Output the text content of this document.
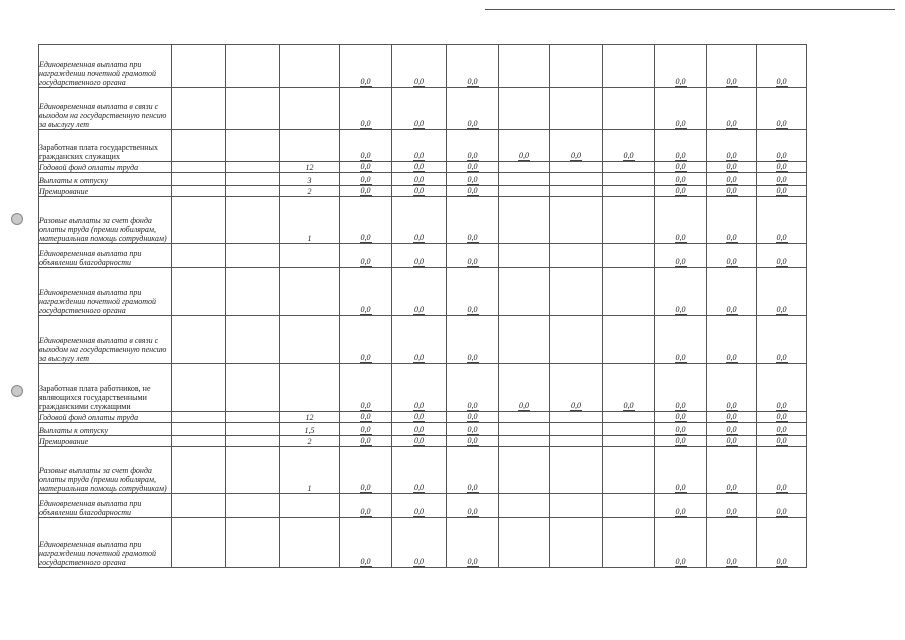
Единовременная выплата при награждении почетной грамотой государственного органа				0,0	0,0	0,0				0,0	0,0	0,0
Единовременная выплата в связи с выходом на государственную пенсию за выслугу лет				0,0	0,0	0,0				0,0	0,0	0,0
Заработная плата государственных гражданских служащих				0,0	0,0	0,0	0,0	0,0	0,0	0,0	0,0	0,0
Годовой фонд оплаты труда			12	0,0	0,0	0,0				0,0	0,0	0,0
Выплаты к отпуску			3	0,0	0,0	0,0				0,0	0,0	0,0
Премирование			2	0,0	0,0	0,0				0,0	0,0	0,0
Разовые выплаты за счет фонда оплаты труда (премии юбилярам, материальная помощь сотрудникам)			1	0,0	0,0	0,0				0,0	0,0	0,0
Единовременная выплата при объявлении благодарности				0,0	0,0	0,0				0,0	0,0	0,0
Единовременная выплата при награждении почетной грамотой государственного органа				0,0	0,0	0,0				0,0	0,0	0,0
Единовременная выплата в связи с выходом на государственную пенсию за выслугу лет				0,0	0,0	0,0				0,0	0,0	0,0
Заработная плата работников, не являющихся государственными гражданскими служащими				0,0	0,0	0,0	0,0	0,0	0,0	0,0	0,0	0,0
Годовой фонд оплаты труда			12	0,0	0,0	0,0				0,0	0,0	0,0
Выплаты к отпуску			1,5	0,0	0,0	0,0				0,0	0,0	0,0
Премирование			2	0,0	0,0	0,0				0,0	0,0	0,0
Разовые выплаты за счет фонда оплаты труда (премии юбилярам, материальная помощь сотрудникам)			1	0,0	0,0	0,0				0,0	0,0	0,0
Единовременная выплата при объявлении благодарности				0,0	0,0	0,0				0,0	0,0	0,0
Единовременная выплата при награждении почетной грамотой государственного органа				0,0	0,0	0,0				0,0	0,0	0,0
